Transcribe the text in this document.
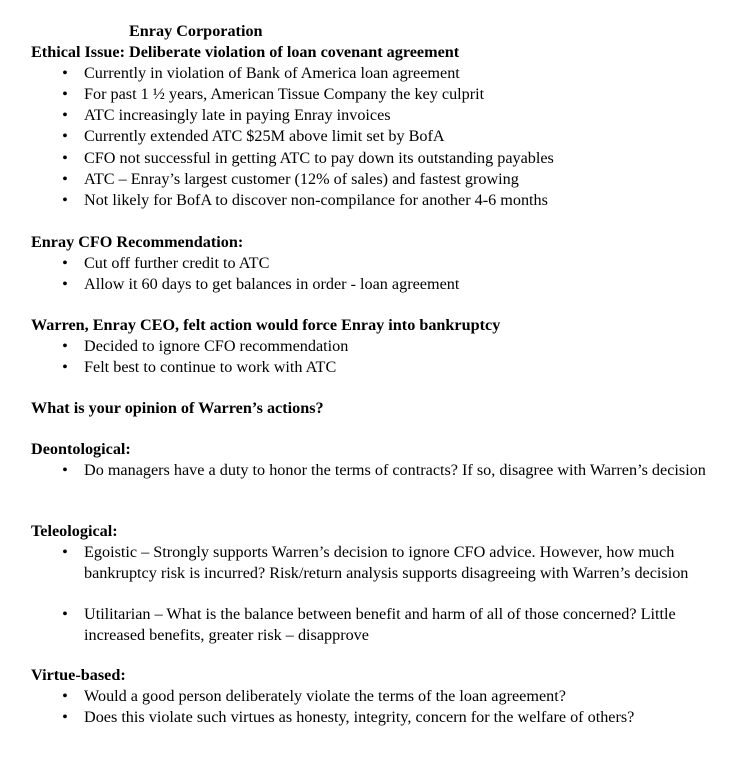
Enray Corporation
Ethical Issue: Deliberate violation of loan covenant agreement
• Currently in violation of Bank of America loan agreement
• For past 1 ½ years, American Tissue Company the key culprit
• ATC increasingly late in paying Enray invoices
• Currently extended ATC $25M above limit set by BofA
• CFO not successful in getting ATC to pay down its outstanding payables
• ATC – Enray’s largest customer (12% of sales) and fastest growing
• Not likely for BofA to discover non-compilance for another 4-6 months
Enray CFO Recommendation:
• Cut off further credit to ATC
• Allow it 60 days to get balances in order - loan agreement
Warren, Enray CEO, felt action would force Enray into bankruptcy
• Decided to ignore CFO recommendation
• Felt best to continue to work with ATC
What is your opinion of Warren’s actions?
Deontological:
• Do managers have a duty to honor the terms of contracts? If so, disagree with Warren’s decision
Teleological:
• Egoistic – Strongly supports Warren’s decision to ignore CFO advice. However, how much bankruptcy risk is incurred? Risk/return analysis supports disagreeing with Warren’s decision
• Utilitarian – What is the balance between benefit and harm of all of those concerned? Little increased benefits, greater risk – disapprove
Virtue-based:
• Would a good person deliberately violate the terms of the loan agreement?
• Does this violate such virtues as honesty, integrity, concern for the welfare of others?
